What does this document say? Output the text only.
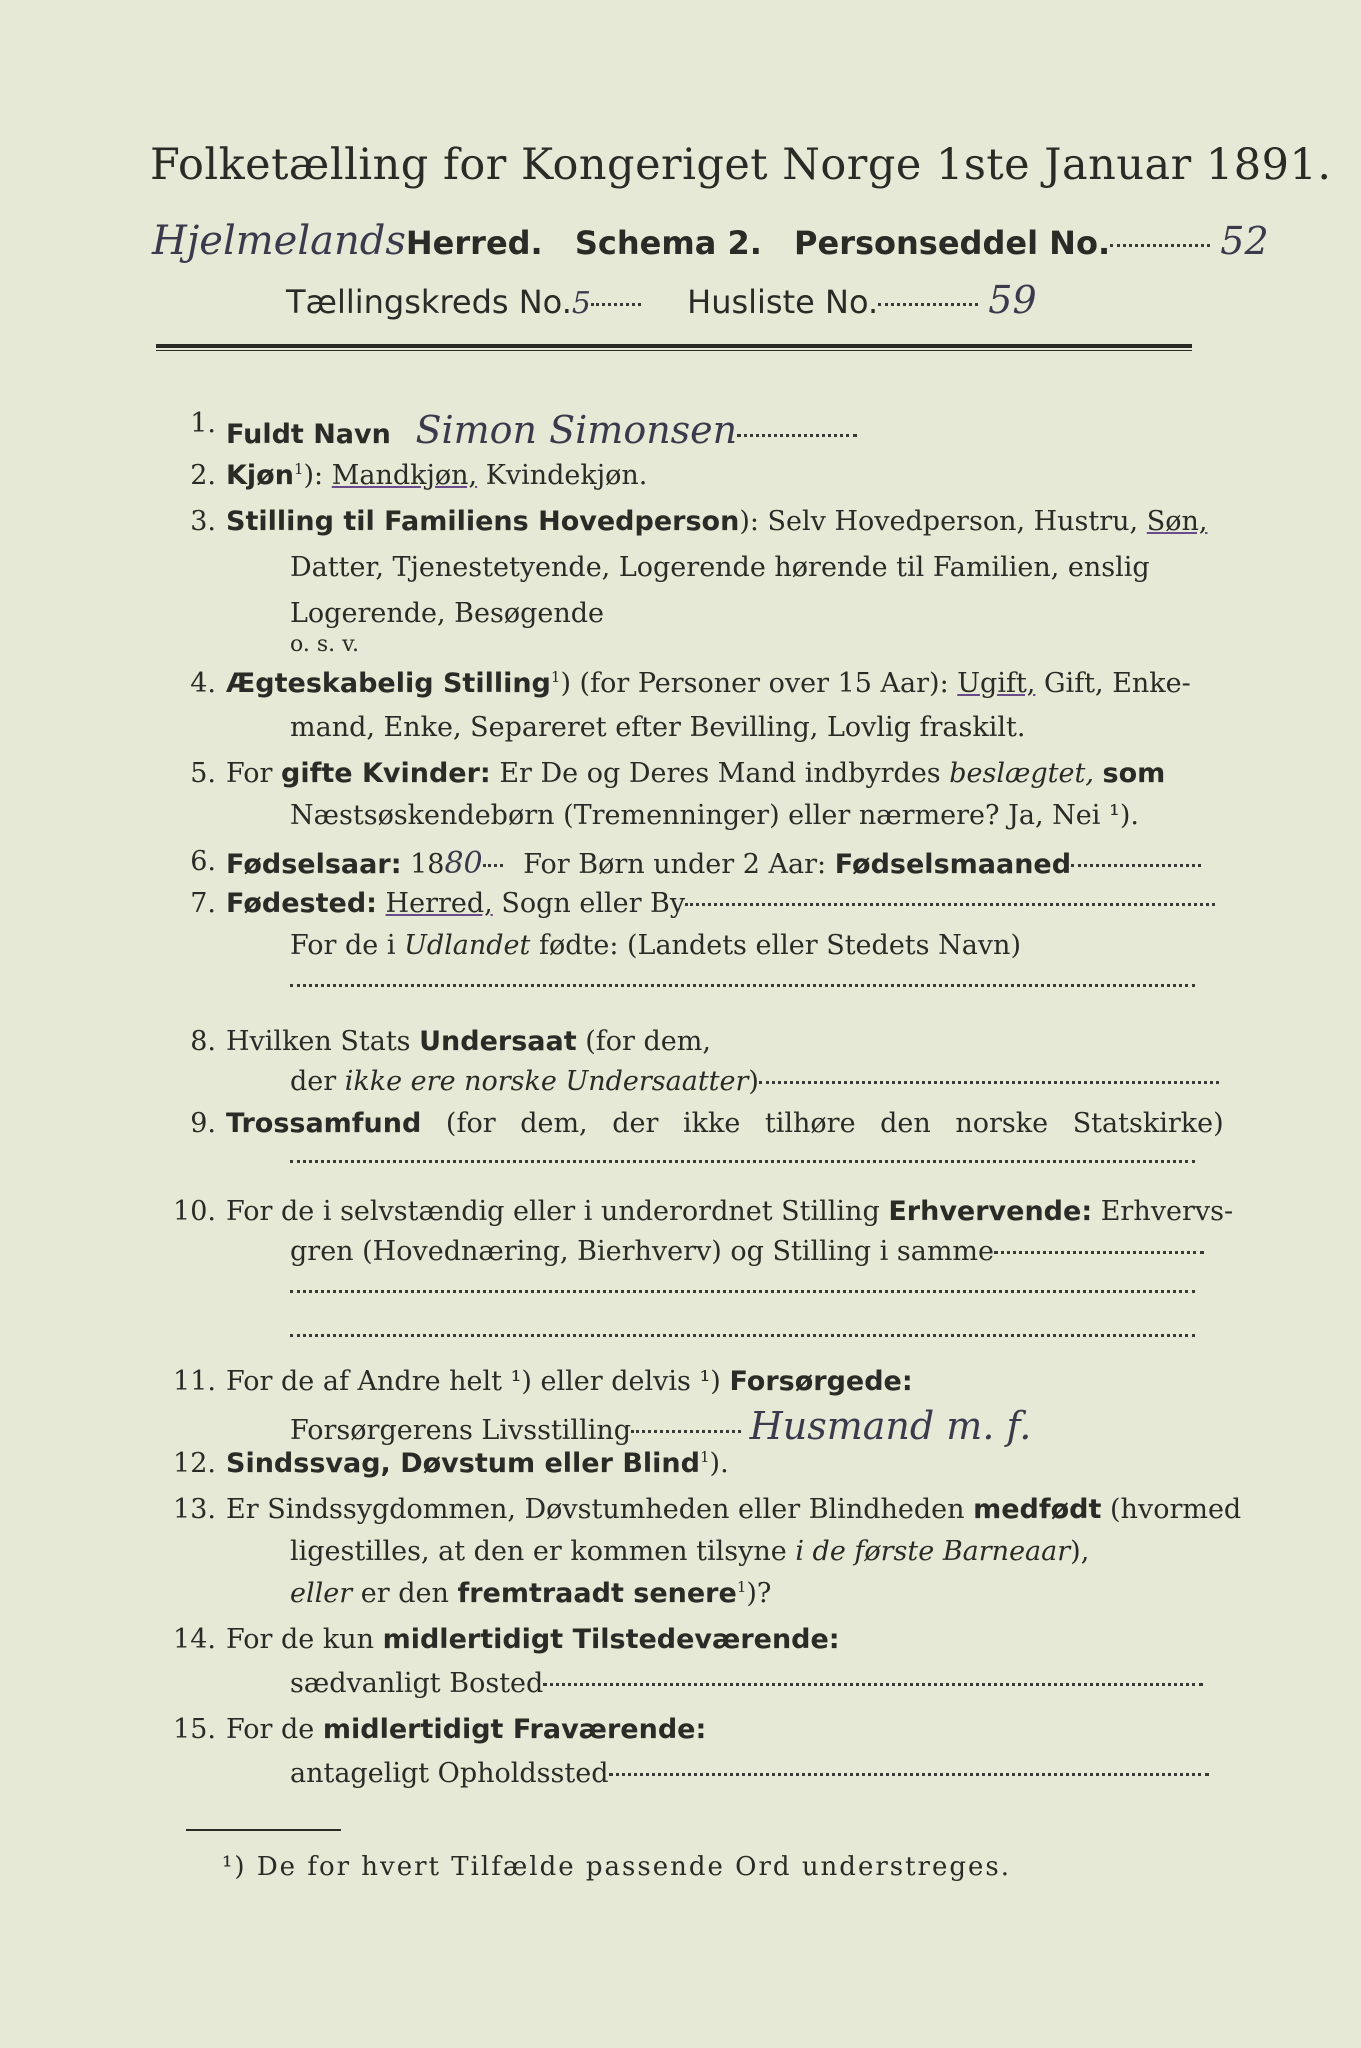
Folketælling for Kongeriget Norge 1ste Januar 1891.
HjelmelandsHerred. Schema 2. Personseddel No.	52
Tællingskreds No.5	Husliste No.	59
1. Fuldt Navn Simon Simonsen
2. Kjøn$^1$): Mandkjøn, Kvindekjøn.
3. Stilling til Familiens Hovedperson): Selv Hovedperson, Hustru, Søn,
Datter, Tjenestetyende, Logerende hørende til Familien, enslig
Logerende, Besøgende
o. s. v.
4. Ægteskabelig Stilling$^1$) (for Personer over 15 Aar): Ugift, Gift, Enke-
mand, Enke, Separeret efter Bevilling, Lovlig fraskilt.
5. For gifte Kvinder: Er De og Deres Mand indbyrdes beslægtet, som
Næstsøskendebørn (Tremenninger) eller nærmere? Ja, Nei ¹).
6. Fødselsaar: 1880 For Børn under 2 Aar: Fødselsmaaned
7. Fødested: Herred, Sogn eller By
For de i Udlandet fødte: (Landets eller Stedets Navn)
8. Hvilken Stats Undersaat (for dem,
der ikke ere norske Undersaatter)
9. Trossamfund (for dem, der ikke tilhøre den norske Statskirke)
10. For de i selvstændig eller i underordnet Stilling Erhvervende: Erhvervs-
gren (Hovednæring, Bierhverv) og Stilling i samme
11. For de af Andre helt ¹) eller delvis ¹) Forsørgede:
Forsørgerens Livsstilling	Husmand m. f.
12. Sindssvag, Døvstum eller Blind$^1$).
13. Er Sindssygdommen, Døvstumheden eller Blindheden medfødt (hvormed
ligestilles, at den er kommen tilsyne i de første Barneaar),
eller er den fremtraadt senere$^1$)?
14. For de kun midlertidigt Tilstedeværende:
sædvanligt Bosted
15. For de midlertidigt Fraværende:
antageligt Opholdssted
¹) De for hvert Tilfælde passende Ord understreges.
